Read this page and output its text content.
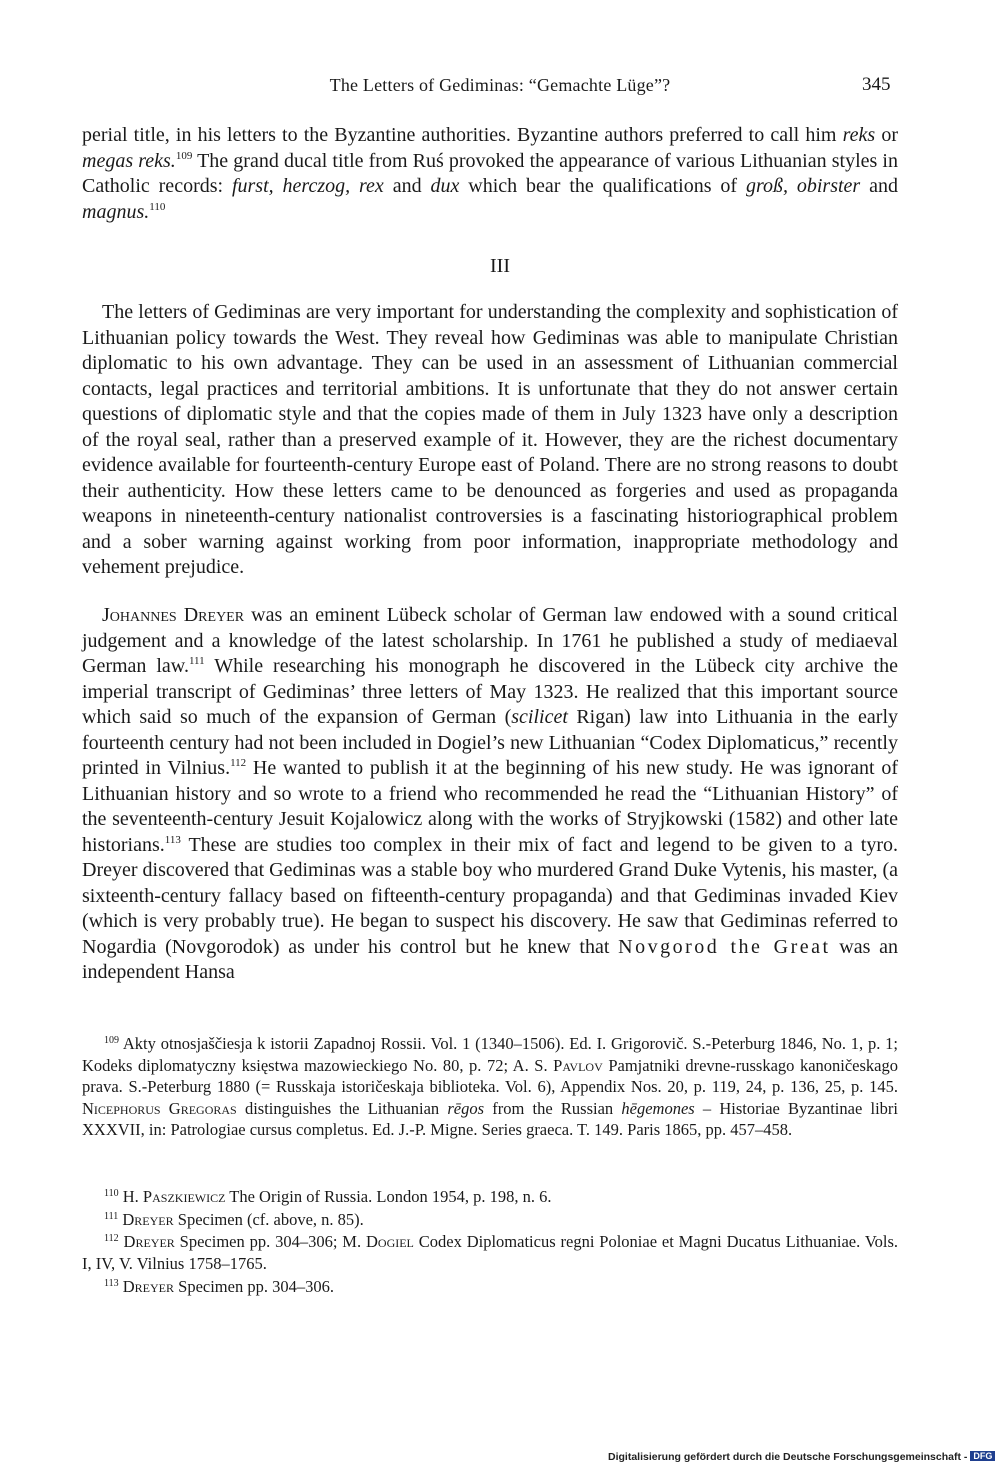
The Letters of Gediminas: “Gemachte Lüge”?	345
perial title, in his letters to the Byzantine authorities. Byzantine authors preferred to call him reks or megas reks.$^{109}$ The grand ducal title from Ruś provoked the appearance of various Lithuanian styles in Catholic records: furst, herczog, rex and dux which bear the qualifications of groß, obirster and magnus.$^{110}$
III
The letters of Gediminas are very important for understanding the complexity and sophistication of Lithuanian policy towards the West. They reveal how Gediminas was able to manipulate Christian diplomatic to his own advantage. They can be used in an assessment of Lithuanian commercial contacts, legal practices and territorial ambitions. It is unfortunate that they do not answer certain questions of diplomatic style and that the copies made of them in July 1323 have only a description of the royal seal, rather than a preserved example of it. However, they are the richest documentary evidence available for fourteenth-century Europe east of Poland. There are no strong reasons to doubt their authenticity. How these letters came to be denounced as forgeries and used as propaganda weapons in nineteenth-century nationalist controversies is a fascinating historiographical problem and a sober warning against working from poor information, inappropriate methodology and vehement prejudice.
Johannes Dreyer was an eminent Lübeck scholar of German law endowed with a sound critical judgement and a knowledge of the latest scholarship. In 1761 he published a study of mediaeval German law.$^{111}$ While researching his monograph he discovered in the Lübeck city archive the imperial transcript of Gediminas’ three letters of May 1323. He realized that this important source which said so much of the expansion of German (scilicet Rigan) law into Lithuania in the early fourteenth century had not been included in Dogiel’s new Lithuanian “Codex Diplomaticus,” recently printed in Vilnius.$^{112}$ He wanted to publish it at the beginning of his new study. He was ignorant of Lithuanian history and so wrote to a friend who recommended he read the “Lithuanian History” of the seventeenth-century Jesuit Kojalowicz along with the works of Stryjkowski (1582) and other late historians.$^{113}$ These are studies too complex in their mix of fact and legend to be given to a tyro. Dreyer discovered that Gediminas was a stable boy who murdered Grand Duke Vytenis, his master, (a sixteenth-century fallacy based on fifteenth-century propaganda) and that Gediminas invaded Kiev (which is very probably true). He began to suspect his discovery. He saw that Gediminas referred to Nogardia (Novgorodok) as under his control but he knew that Novgorod the Great was an independent Hansa
$^{109}$ Akty otnosjaščiesja k istorii Zapadnoj Rossii. Vol. 1 (1340–1506). Ed. I. Grigorovič. S.-Peterburg 1846, No. 1, p. 1; Kodeks diplomatyczny księstwa mazowieckiego No. 80, p. 72; A. S. Pavlov Pamjatniki drevne-russkago kanoničeskago prava. S.-Peterburg 1880 (= Russkaja istoričeskaja biblioteka. Vol. 6), Appendix Nos. 20, p. 119, 24, p. 136, 25, p. 145. Nicephorus Gregoras distinguishes the Lithuanian rēgos from the Russian hēgemones – Historiae Byzantinae libri XXXVII, in: Patrologiae cursus completus. Ed. J.-P. Migne. Series graeca. T. 149. Paris 1865, pp. 457–458.
$^{110}$ H. Paszkiewicz The Origin of Russia. London 1954, p. 198, n. 6.
$^{111}$ Dreyer Specimen (cf. above, n. 85).
$^{112}$ Dreyer Specimen pp. 304–306; M. Dogiel Codex Diplomaticus regni Poloniae et Magni Ducatus Lithuaniae. Vols. I, IV, V. Vilnius 1758–1765.
$^{113}$ Dreyer Specimen pp. 304–306.
Digitalisierung gefördert durch die Deutsche Forschungsgemeinschaft - DFG
